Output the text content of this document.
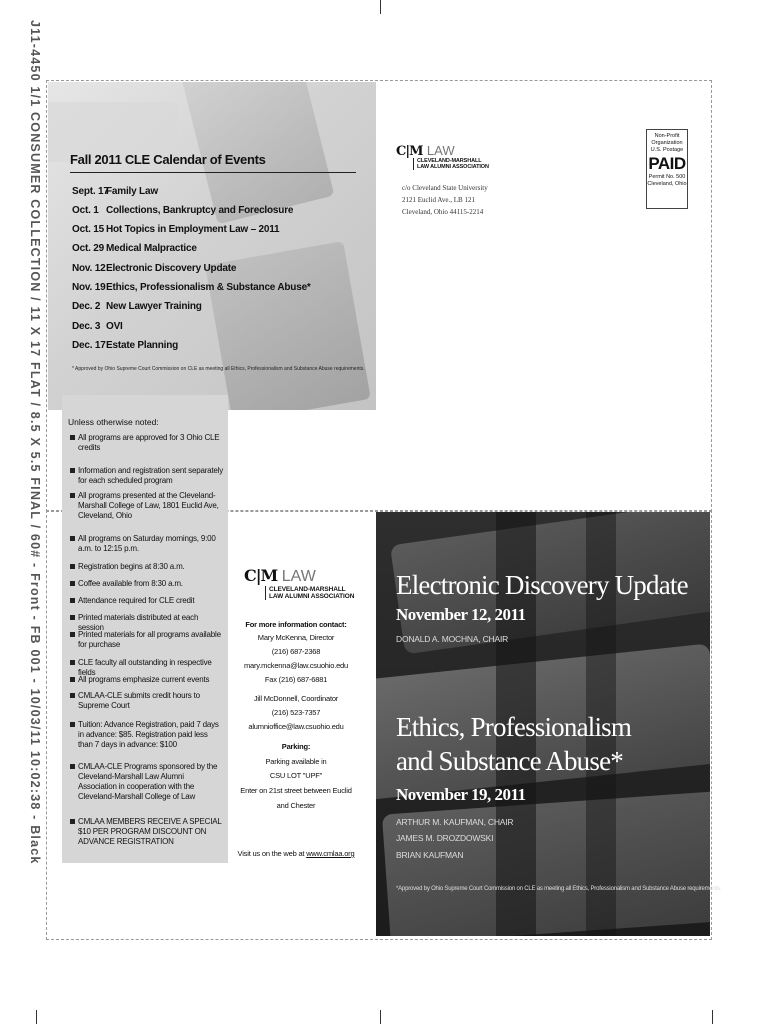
J11-4450 1/1 CONSUMER COLLECTION / 11 X 17 FLAT / 8.5 X 5.5 FINAL / 60# - Front - FB 001 - 10/03/11 10:02:38 - Black Fall 2011 CLE Calendar of Events
Sept. 17
Family Law
Oct. 1 Collections, Bankruptcy and Foreclosure
Oct. 15 Hot Topics in Employment Law – 2011
Oct. 29 Medical Malpractice
Nov. 12 Electronic Discovery Update
Nov. 19 Ethics, Professionalism & Substance Abuse*
Dec. 2 New Lawyer Training
Dec. 3 OVI
Dec. 17 Estate Planning
* Approved by Ohio Supreme Court Commission on CLE as meeting all Ethics, Professionalism and Substance Abuse requirements.
Unless otherwise noted:
All programs are approved for 3 Ohio CLE credits
Information and registration sent separately for each scheduled program
All programs presented at the Cleveland-Marshall College of Law, 1801 Euclid Ave, Cleveland, Ohio
All programs on Saturday mornings, 9:00 a.m. to 12:15 p.m.
Registration begins at 8:30 a.m.
Coffee available from 8:30 a.m.
Attendance required for CLE credit
Printed materials distributed at each session
Printed materials for all programs available for purchase
CLE faculty all outstanding in respective fields
All programs emphasize current events
CMLAA-CLE submits credit hours to Supreme Court
Tuition: Advance Registration, paid 7 days in advance: $85. Registration paid less than 7 days in advance: $100
CMLAA-CLE Programs sponsored by the Cleveland-Marshall Law Alumni Association in cooperation with the Cleveland-Marshall College of Law
CMLAA MEMBERS RECEIVE A SPECIAL $10 PER PROGRAM DISCOUNT ON ADVANCE REGISTRATION
C|M LAW
CLEVELAND-MARSHALL
LAW ALUMNI ASSOCIATION
For more information contact:
Mary McKenna, Director
(216) 687-2368
mary.mckenna@law.csuohio.edu
Fax (216) 687-6881
Jill McDonnell, Coordinator
(216) 523-7357
alumnioffice@law.csuohio.edu
Parking:
Parking available in
CSU LOT "UPF"
Enter on 21st street between Euclid
and Chester
Visit us on the web at www.cmlaa.org
C|M LAW
CLEVELAND-MARSHALL
LAW ALUMNI ASSOCIATION
c/o Cleveland State University
2121 Euclid Ave., LB 121
Cleveland, Ohio 44115-2214
Non-Profit
Organization
U.S. Postage
PAID
Permit No. 500
Cleveland, Ohio
Electronic Discovery Update
November 12, 2011
DONALD A. MOCHNA, CHAIR
Ethics, Professionalism
and Substance Abuse*
November 19, 2011
ARTHUR M. KAUFMAN, CHAIR
JAMES M. DROZDOWSKI
BRIAN KAUFMAN
*Approved by Ohio Supreme Court Commission on CLE as meeting all Ethics, Professionalism and Substance Abuse requirements.
